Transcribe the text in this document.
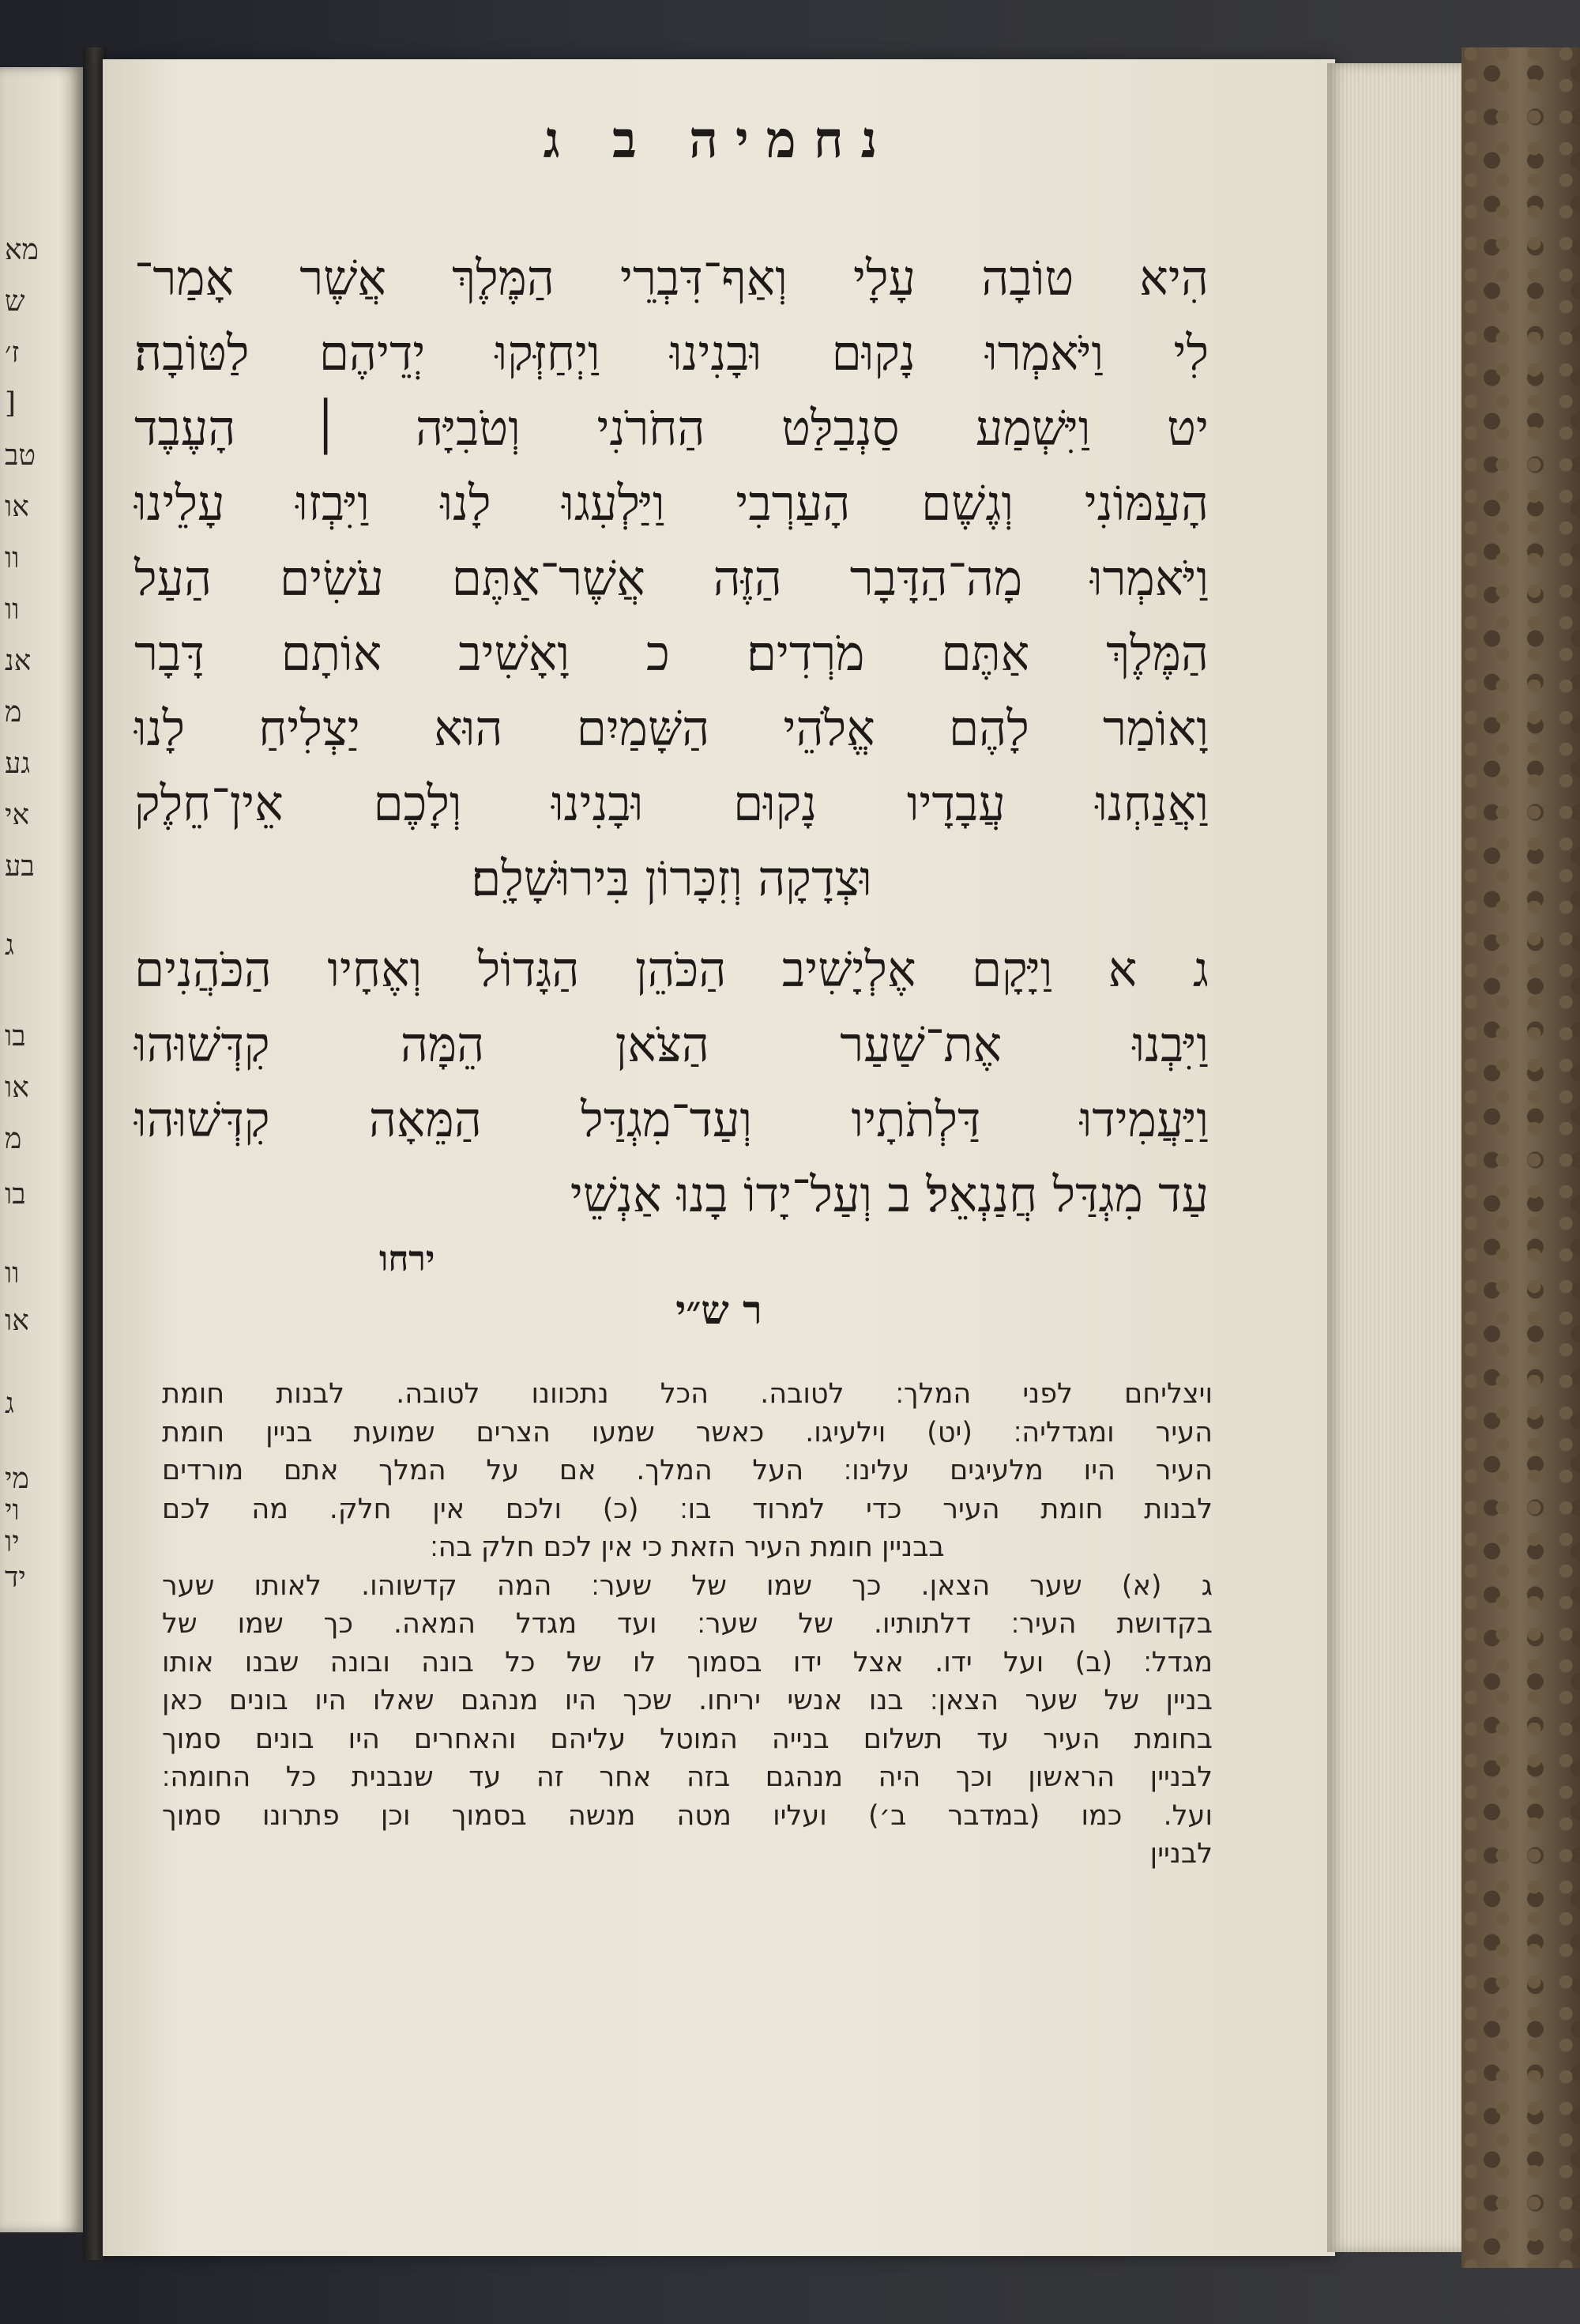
מא
ש
ז׳
[
טב
או
וו
וו
אנ
מ
גע
אי
בע
ג
בו
או
מ
בו
וו
או
ג
מי
וי
יו
יד
נחמיה ב ג
הִיא טוֹבָה עָלָי וְאַף־דִּבְרֵי הַמֶּלֶךְ אֲשֶׁר אָמַר־
לִי וַיֹּאמְרוּ נָקוּם וּבָנִינוּ וַיְחַזְּקוּ יְדֵיהֶם לַטּוֹבָה׃
יט וַיִּשְׁמַע סַנְבַלַּט הַחֹרֹנִי וְטֹבִיָּה ׀ הָעֶבֶד
הָעַמּוֹנִי וְגֶשֶׁם הָעַרְבִי וַיַּלְעִגוּ לָנוּ וַיִּבְזוּ עָלֵינוּ
וַיֹּאמְרוּ מָה־הַדָּבָר הַזֶּה אֲשֶׁר־אַתֶּם עֹשִׂים הַעַל
הַמֶּלֶךְ אַתֶּם מֹרְדִים׃ כ וָאָשִׁיב אוֹתָם דָּבָר
וָאוֹמַר לָהֶם אֱלֹהֵי הַשָּׁמַיִם הוּא יַצְלִיחַ לָנוּ
וַאֲנַחְנוּ עֲבָדָיו נָקוּם וּבָנִינוּ וְלָכֶם אֵין־חֵלֶק
וּצְדָקָה וְזִכָּרוֹן בִּירוּשָׁלָ͏ִם׃
ג א וַיָּקָם אֶלְיָשִׁיב הַכֹּהֵן הַגָּדוֹל וְאֶחָיו הַכֹּהֲנִים
וַיִּבְנוּ אֶת־שַׁעַר הַצֹּאן הֵמָּה קִדְּשׁוּהוּ
וַיַּעֲמִידוּ דַּלְתֹתָיו וְעַד־מִגְדַּל הַמֵּאָה קִדְּשׁוּהוּ
עַד מִגְדַּל חֲנַנְאֵל׃ ב וְעַל־יָדוֹ בָנוּ אַנְשֵׁי
ירחו
ר ש״י
ויצליחם לפני המלך׃ לטובה. הכל נתכוונו לטובה. לבנות חומת
העיר ומגדליה׃ (יט) וילעיגו. כאשר שמעו הצרים שמועת בניין חומת
העיר היו מלעיגים עלינו׃ העל המלך. אם על המלך אתם מורדים
לבנות חומת העיר כדי למרוד בו׃ (כ) ולכם אין חלק. מה לכם
בבניין חומת העיר הזאת כי אין לכם חלק בה׃
ג (א) שער הצאן. כך שמו של שער׃ המה קדשוהו. לאותו שער
בקדושת העיר׃ דלתותיו. של שער׃ ועד מגדל המאה. כך שמו של
מגדל׃ (ב) ועל ידו. אצל ידו בסמוך לו של כל בונה ובונה שבנו אותו
בניין של שער הצאן׃ בנו אנשי יריחו. שכך היו מנהגם שאלו היו בונים כאן
בחומת העיר עד תשלום בנייה המוטל עליהם והאחרים היו בונים סמוך
לבניין הראשון וכך היה מנהגם בזה אחר זה עד שנבנית כל החומה׃
ועל. כמו (במדבר ב׳) ועליו מטה מנשה בסמוך וכן פתרונו סמוך
לבניין
